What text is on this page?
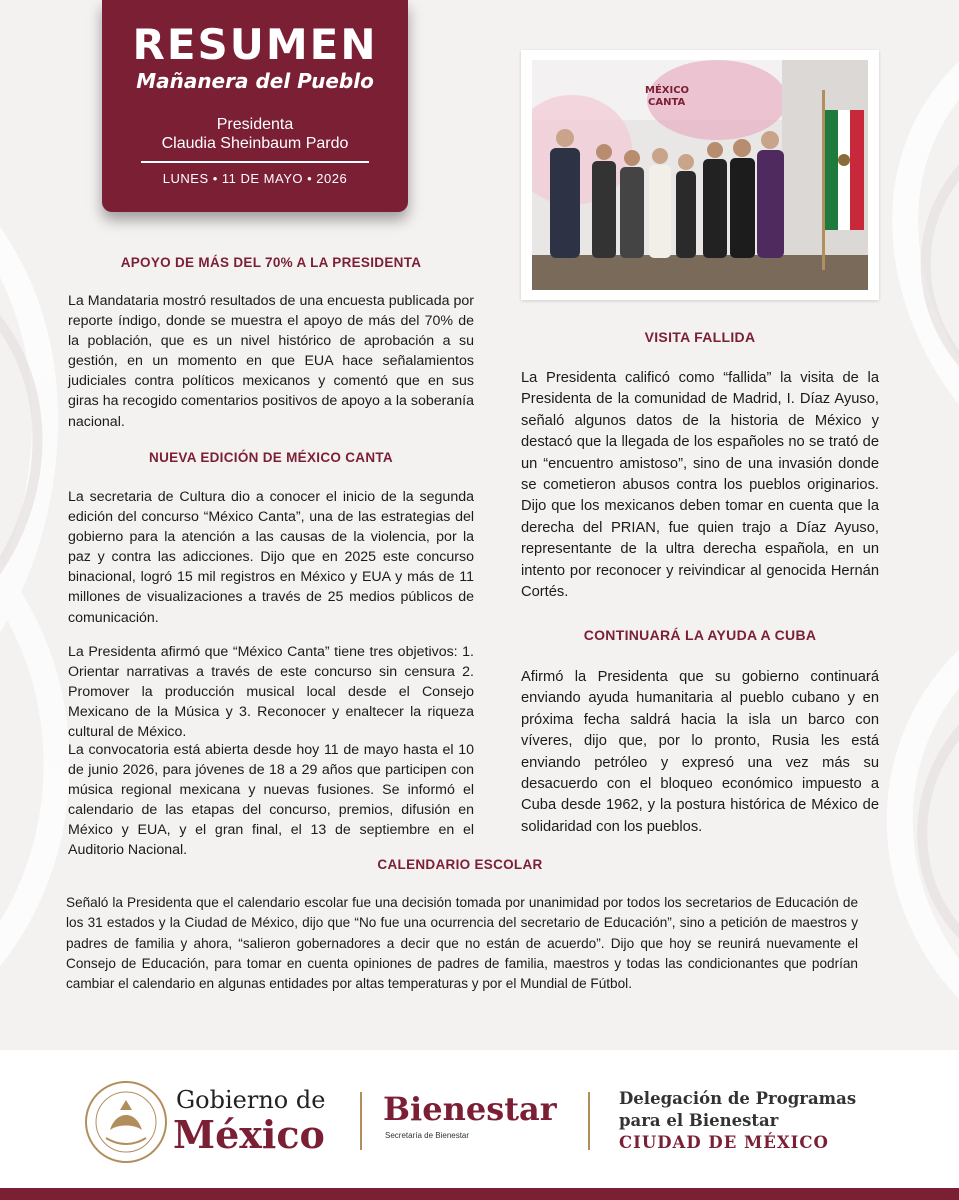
RESUMEN
Mañanera del Pueblo
Presidenta
Claudia Sheinbaum Pardo
LUNES • 11 DE MAYO • 2026
MÉXICO
CANTA
APOYO DE MÁS DEL 70% A LA PRESIDENTA

La Mandataria mostró resultados de una encuesta publicada por reporte índigo, donde se muestra el apoyo de más del 70% de la población, que es un nivel histórico de aprobación a su gestión, en un momento en que EUA hace señalamientos judiciales contra políticos mexicanos y comentó que en sus giras ha recogido comentarios positivos de apoyo a la soberanía nacional.

NUEVA EDICIÓN DE MÉXICO CANTA

La secretaria de Cultura dio a conocer el inicio de la segunda edición del concurso “México Canta”, una de las estrategias del gobierno para la atención a las causas de la violencia, por la paz y contra las adicciones. Dijo que en 2025 este concurso binacional, logró 15 mil registros en México y EUA y más de 11 millones de visualizaciones a través de 25 medios públicos de comunicación.

La Presidenta afirmó que “México Canta” tiene tres objetivos: 1. Orientar narrativas a través de este concurso sin censura 2. Promover la producción musical local desde el Consejo Mexicano de la Música y 3. Reconocer y enaltecer la riqueza cultural de México.

La convocatoria está abierta desde hoy 11 de mayo hasta el 10 de junio 2026, para jóvenes de 18 a 29 años que participen con música regional mexicana y nuevas fusiones. Se informó el calendario de las etapas del concurso, premios, difusión en México y EUA, y el gran final, el 13 de septiembre en el Auditorio Nacional.

VISITA FALLIDA

La Presidenta calificó como “fallida” la visita de la Presidenta de la comunidad de Madrid, I. Díaz Ayuso, señaló algunos datos de la historia de México y destacó que la llegada de los españoles no se trató de un “encuentro amistoso”, sino de una invasión donde se cometieron abusos contra los pueblos originarios. Dijo que los mexicanos deben tomar en cuenta que la derecha del PRIAN, fue quien trajo a Díaz Ayuso, representante de la ultra derecha española, en un intento por reconocer y reivindicar al genocida Hernán Cortés.

CONTINUARÁ LA AYUDA A CUBA

Afirmó la Presidenta que su gobierno continuará enviando ayuda humanitaria al pueblo cubano y en próxima fecha saldrá hacia la isla un barco con víveres, dijo que, por lo pronto, Rusia les está enviando petróleo y expresó una vez más su desacuerdo con el bloqueo económico impuesto a Cuba desde 1962, y la postura histórica de México de solidaridad con los pueblos.

CALENDARIO ESCOLAR

Señaló la Presidenta que el calendario escolar fue una decisión tomada por unanimidad por todos los secretarios de Educación de los 31 estados y la Ciudad de México, dijo que “No fue una ocurrencia del secretario de Educación”, sino a petición de maestros y padres de familia y ahora, “salieron gobernadores a decir que no están de acuerdo”. Dijo que hoy se reunirá nuevamente el Consejo de Educación, para tomar en cuenta opiniones de padres de familia, maestros y todas las condicionantes que podrían cambiar el calendario en algunas entidades por altas temperaturas y por el Mundial de Fútbol.

Gobierno de
México
Bienestar
Secretaría de Bienestar
Delegación de Programas
para el Bienestar
CIUDAD DE MÉXICO
